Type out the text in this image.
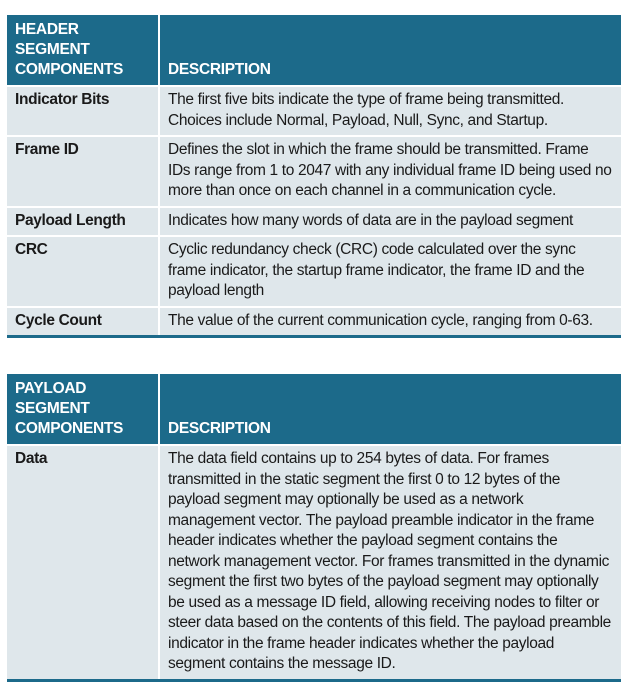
HEADER SEGMENT
COMPONENTS	DESCRIPTION
Indicator Bits	The first five bits indicate the type of frame being transmitted. Choices include Normal, Payload, Null, Sync, and Startup.
Frame ID	Defines the slot in which the frame should be transmitted. Frame IDs range from 1 to 2047 with any individual frame ID being used no more than once on each channel in a communication cycle.
Payload Length	Indicates how many words of data are in the payload segment
CRC	Cyclic redundancy check (CRC) code calculated over the sync frame indicator, the startup frame indicator, the frame ID and the payload length
Cycle Count	The value of the current communication cycle, ranging from 0-63.
PAYLOAD SEGMENT
COMPONENTS	DESCRIPTION
Data	The data field contains up to 254 bytes of data. For frames transmitted in the static segment the first 0 to 12 bytes of the payload segment may optionally be used as a network management vector. The payload preamble indicator in the frame header indicates whether the payload segment contains the network management vector. For frames transmitted in the dynamic segment the first two bytes of the payload segment may optionally be used as a message ID field, allowing receiving nodes to filter or steer data based on the contents of this field. The payload preamble indicator in the frame header indicates whether the payload segment contains the message ID.
